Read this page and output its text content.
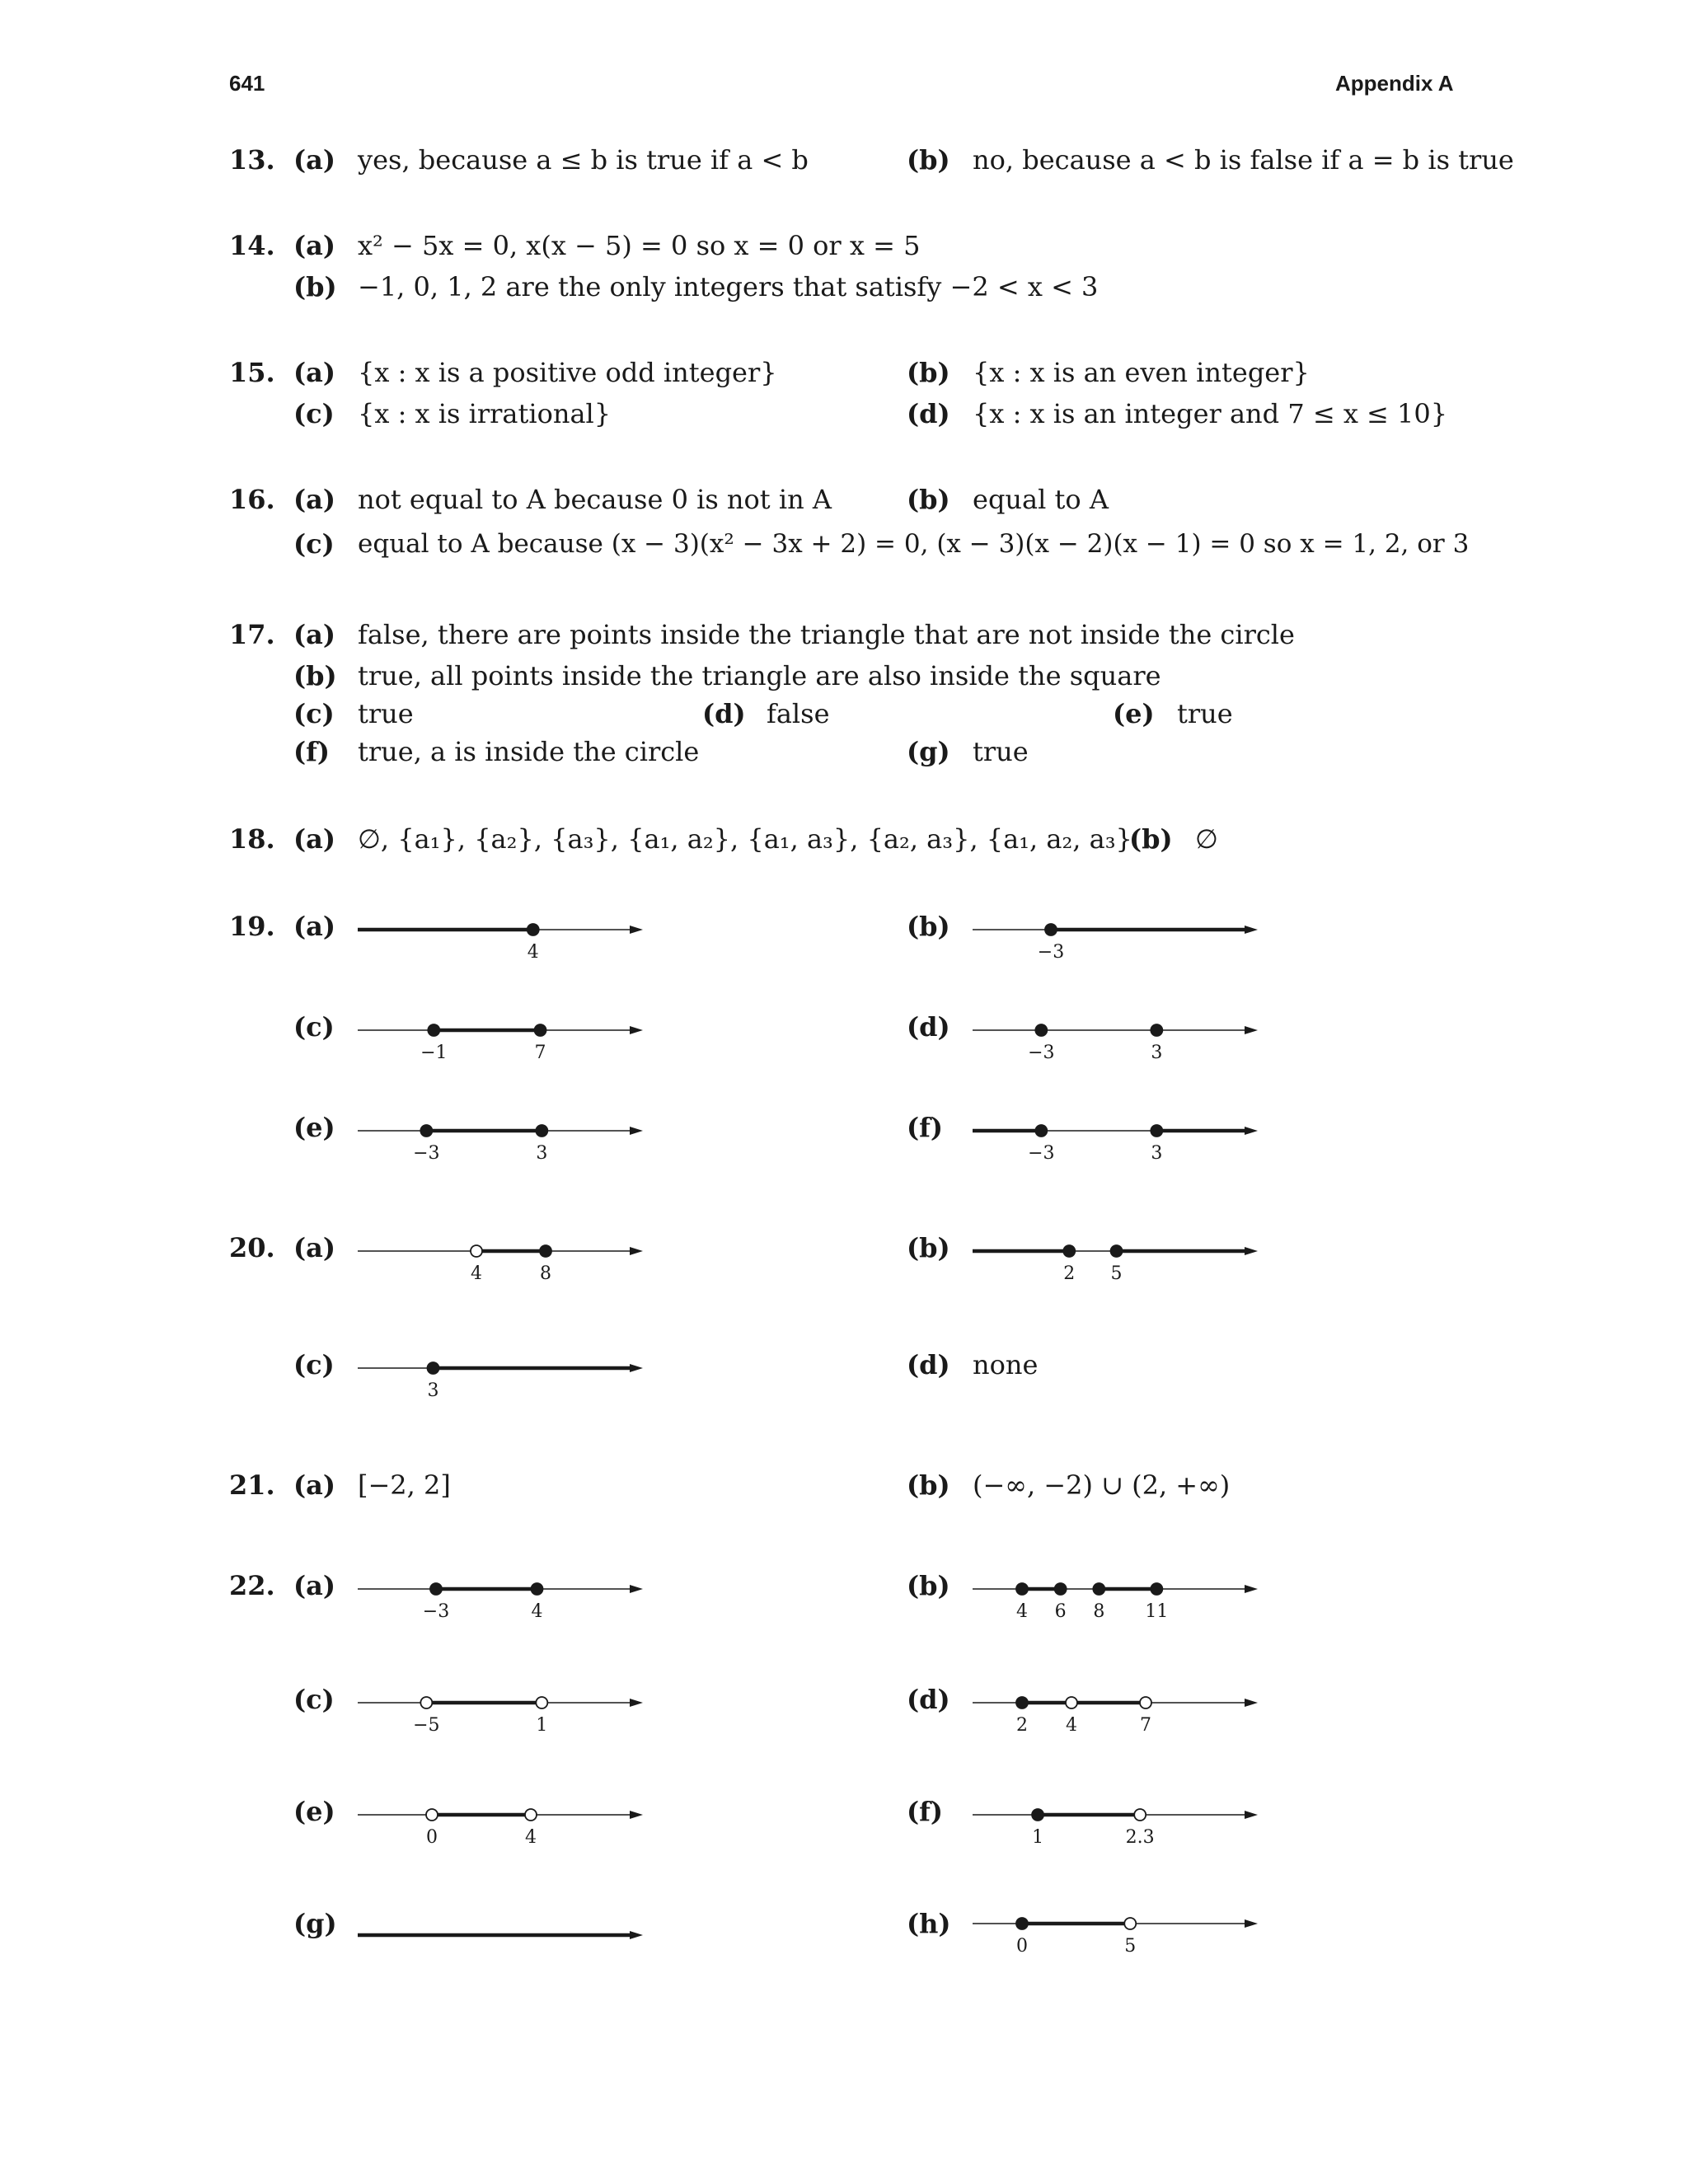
641	Appendix A
13. (a) yes, because a ≤ b is true if a < b	(b) no, because a < b is false if a = b is true
14. (a) x² − 5x = 0, x(x − 5) = 0 so x = 0 or x = 5
(b) −1, 0, 1, 2 are the only integers that satisfy −2 < x < 3
15. (a) {x : x is a positive odd integer}	(b) {x : x is an even integer}
(c) {x : x is irrational}	(d) {x : x is an integer and 7 ≤ x ≤ 10}
16. (a) not equal to A because 0 is not in A	(b) equal to A
(c) equal to A because (x − 3)(x² − 3x + 2) = 0, (x − 3)(x − 2)(x − 1) = 0 so x = 1, 2, or 3
17. (a) false, there are points inside the triangle that are not inside the circle
(b) true, all points inside the triangle are also inside the square
(c) true	(d) false	(e) true
(f)	true, a is inside the circle	(g) true
18. (a) ∅, {a₁}, {a₂}, {a₃}, {a₁, a₂}, {a₁, a₃}, {a₂, a₃}, {a₁, a₂, a₃}
(b) ∅
19. (a)	(b)
4	−3
(c)	(d)
−1	7	−3	3
(e)	(f)
−3	3	−3	3
20. (a)	(b)
4	8	2 5
(c)	(d) none
3
21. (a) [−2, 2]	(b) (−∞, −2) ∪ (2, +∞)
22. (a)	(b)
−3	4	4 6 8 11
(c)	(d)
−5	1	2 4	7
(e)	(f)
0	4	1	2.3
(g)	(h)
0	5
